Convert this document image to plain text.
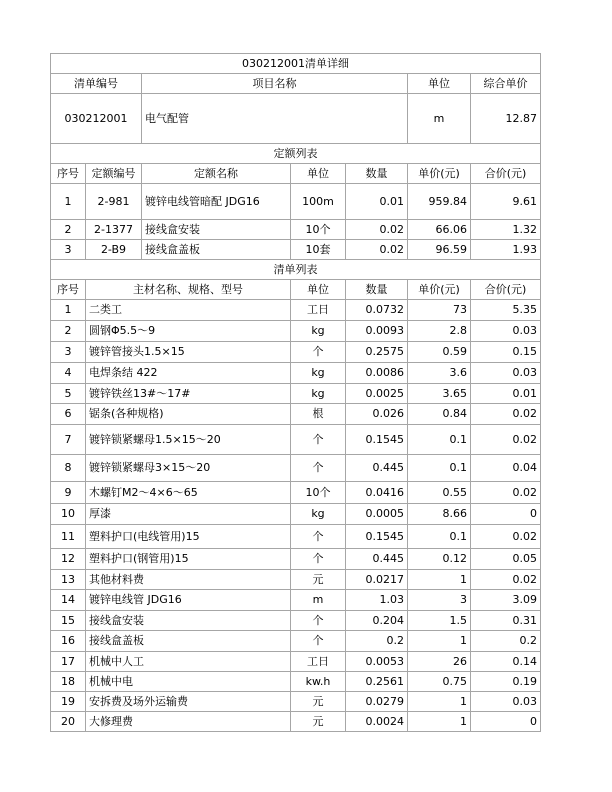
030212001清单详细						
清单编号		项目名称			单位	综合单价
030212001		电气配管			m	12.87
定额列表						
序号	定额编号	定额名称	单位	数量	单价(元)	合价(元)
1	2-981	镀锌电线管暗配 JDG16	100m	0.01	959.84	9.61
2	2-1377	接线盒安装	10个	0.02	66.06	1.32
3	2-B9	接线盒盖板	10套	0.02	96.59	1.93
清单列表						
序号	主材名称、规格、型号		单位	数量	单价(元)	合价(元)
1	二类工		工日	0.0732	73	5.35
2	圆钢Φ5.5～9		kg	0.0093	2.8	0.03
3	镀锌管接头1.5×15		个	0.2575	0.59	0.15
4	电焊条结 422		kg	0.0086	3.6	0.03
5	镀锌铁丝13#～17#		kg	0.0025	3.65	0.01
6	锯条(各种规格)		根	0.026	0.84	0.02
7	镀锌锁紧螺母1.5×15～20		个	0.1545	0.1	0.02
8	镀锌锁紧螺母3×15～20		个	0.445	0.1	0.04
9	木螺钉M2～4×6～65		10个	0.0416	0.55	0.02
10	厚漆		kg	0.0005	8.66	0
11	塑料护口(电线管用)15		个	0.1545	0.1	0.02
12	塑料护口(钢管用)15		个	0.445	0.12	0.05
13	其他材料费		元	0.0217	1	0.02
14	镀锌电线管 JDG16		m	1.03	3	3.09
15	接线盒安装		个	0.204	1.5	0.31
16	接线盒盖板		个	0.2	1	0.2
17	机械中人工		工日	0.0053	26	0.14
18	机械中电		kw.h	0.2561	0.75	0.19
19	安拆费及场外运输费		元	0.0279	1	0.03
20	大修理费		元	0.0024	1	0
